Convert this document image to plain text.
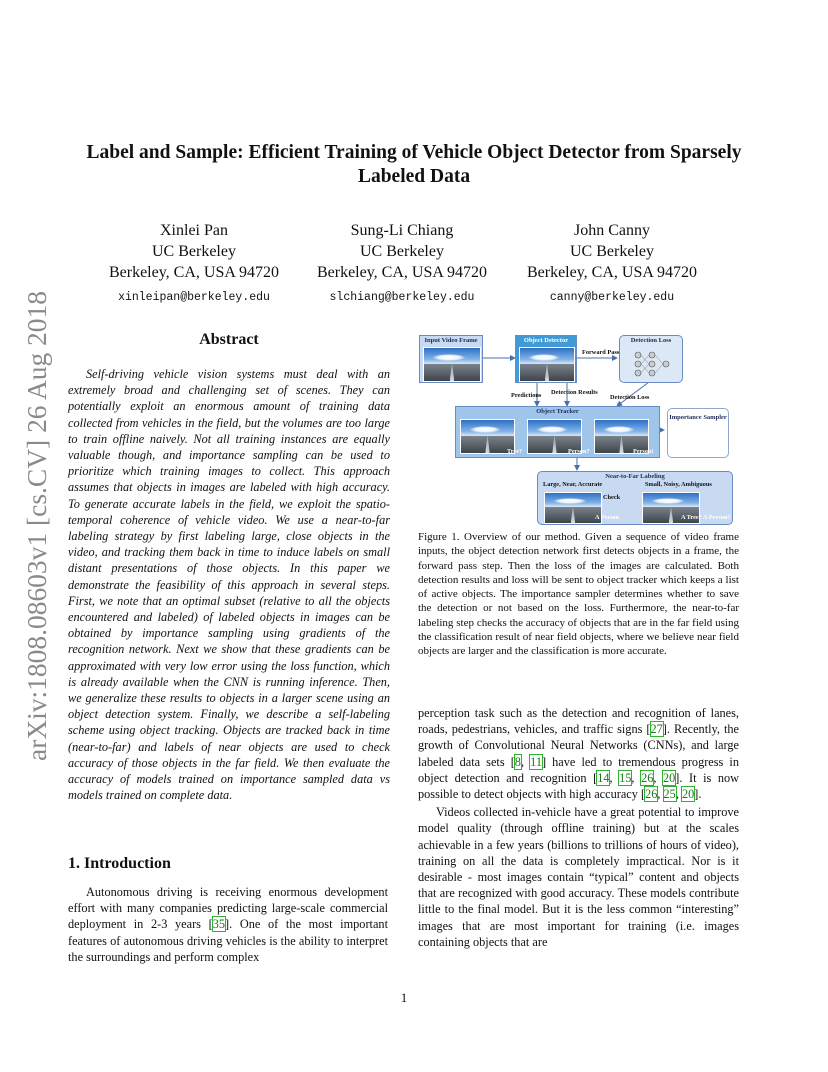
arXiv:1808.08603v1 [cs.CV] 26 Aug 2018
Label and Sample: Efficient Training of Vehicle Object Detector from Sparsely
Labeled Data
Xinlei Pan
UC Berkeley
Berkeley, CA, USA 94720
xinleipan@berkeley.edu
Sung-Li Chiang
UC Berkeley
Berkeley, CA, USA 94720
slchiang@berkeley.edu
John Canny
UC Berkeley
Berkeley, CA, USA 94720
canny@berkeley.edu
Abstract

Self-driving vehicle vision systems must deal with an extremely broad and challenging set of scenes. They can potentially exploit an enormous amount of training data collected from vehicles in the field, but the volumes are too large to train offline naively. Not all training instances are equally valuable though, and importance sampling can be used to prioritize which training images to collect. This approach assumes that objects in images are labeled with high accuracy. To generate accurate labels in the field, we exploit the spatio-temporal coherence of vehicle video. We use a near-to-far labeling strategy by first labeling large, close objects in the video, and tracking them back in time to induce labels on small distant presentations of those objects. In this paper we demonstrate the feasibility of this approach in several steps. First, we note that an optimal subset (relative to all the objects encountered and labeled) of labeled objects in images can be obtained by importance sampling using gradients of the recognition network. Next we show that these gradients can be approximated with very low error using the loss function, which is already available when the CNN is running inference. Then, we generalize these results to objects in a larger scene using an object detection system. Finally, we describe a self-labeling scheme using object tracking. Objects are tracked back in time (near-to-far) and labels of near objects are used to check accuracy of those objects in the far field. We then evaluate the accuracy of models trained on importance sampled data vs models trained on complete data.

1. Introduction

Autonomous driving is receiving enormous development effort with many companies predicting large-scale commercial deployment in 2-3 years [35]. One of the most important features of autonomous driving vehicles is the ability to interpret the surroundings and perform complex

Input Video Frame	Object Detector	Detection Loss
Forward Pass
Predictions Detection Results
Detection Loss
Object Tracker
Tree?	Person?	Person!
Importance Sampler
Near-to-Far Labeling
Large, Near, Accurate	Small, Noisy, Ambiguous
Check
A Person	A Tree? A Person?
Figure 1. Overview of our method. Given a sequence of video frame inputs, the object detection network first detects objects in a frame, the forward pass step. Then the loss of the images are calculated. Both detection results and loss will be sent to object tracker which keeps a list of active objects. The importance sampler determines whether to save the detection or not based on the loss. Furthermore, the near-to-far labeling step checks the accuracy of objects that are in the far field using the classification result of near field objects, where we believe near field objects are larger and the classification is more accurate.

perception task such as the detection and recognition of lanes, roads, pedestrians, vehicles, and traffic signs [27]. Recently, the growth of Convolutional Neural Networks (CNNs), and large labeled data sets [8, 11] have led to tremendous progress in object detection and recognition [14, 15, 26, 20]. It is now possible to detect objects with high accuracy [26, 25, 20].

Videos collected in-vehicle have a great potential to improve model quality (through offline training) but at the scales achievable in a few years (billions to trillions of hours of video), training on all the data is completely impractical. Nor is it desirable - most images contain “typical” content and objects that are recognized with good accuracy. These models contribute little to the final model. But it is the less common “interesting” images that are most important for training (i.e. images containing objects that are

1
